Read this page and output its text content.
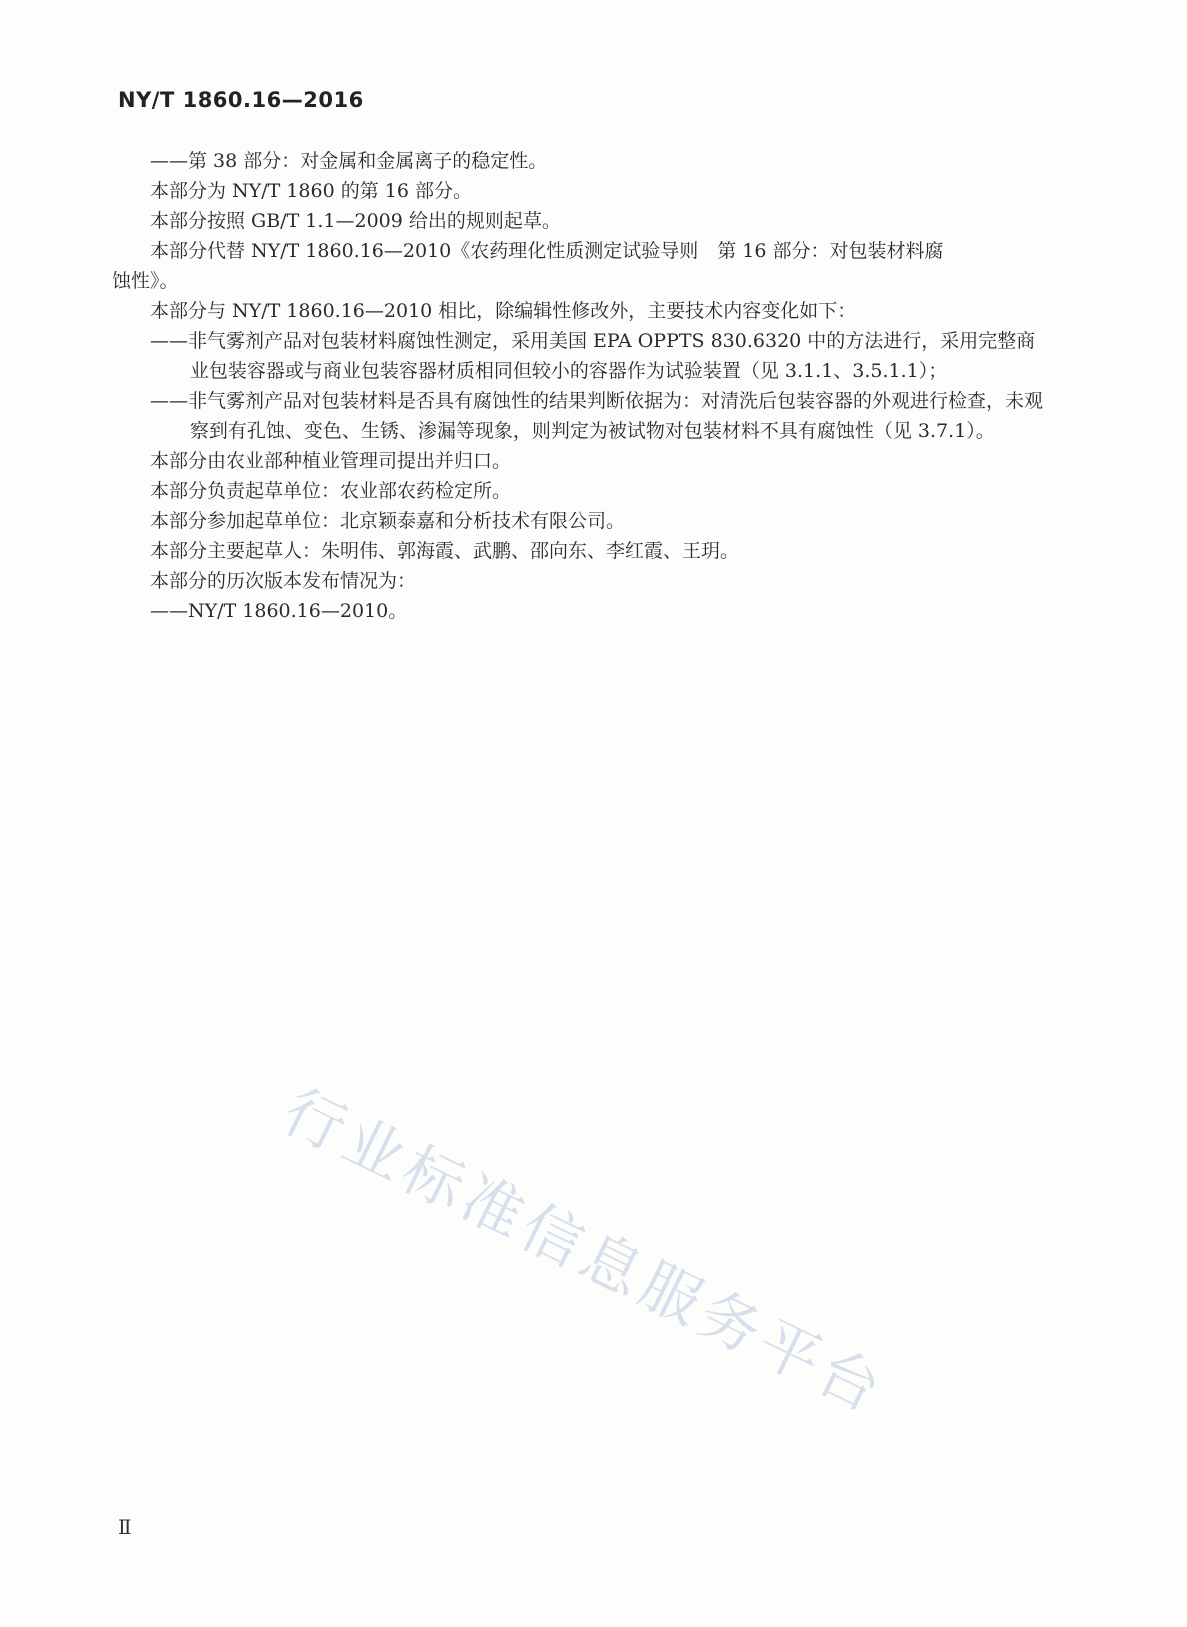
NY/T 1860.16—2016

——第 38 部分：对金属和金属离子的稳定性。

本部分为 NY/T 1860 的第 16 部分。

本部分按照 GB/T 1.1—2009 给出的规则起草。

本部分代替 NY/T 1860.16—2010《农药理化性质测定试验导则　第 16 部分：对包装材料腐

蚀性》。

本部分与 NY/T 1860.16—2010 相比，除编辑性修改外，主要技术内容变化如下：

——非气雾剂产品对包装材料腐蚀性测定，采用美国 EPA OPPTS 830.6320 中的方法进行，采用完整商业包装容器或与商业包装容器材质相同但较小的容器作为试验装置（见 3.1.1、3.5.1.1）；

——非气雾剂产品对包装材料是否具有腐蚀性的结果判断依据为：对清洗后包装容器的外观进行检查，未观察到有孔蚀、变色、生锈、渗漏等现象，则判定为被试物对包装材料不具有腐蚀性（见 3.7.1）。

本部分由农业部种植业管理司提出并归口。

本部分负责起草单位：农业部农药检定所。

本部分参加起草单位：北京颖泰嘉和分析技术有限公司。

本部分主要起草人：朱明伟、郭海霞、武鹏、邵向东、李红霞、王玥。

本部分的历次版本发布情况为：

——NY/T 1860.16—2010。

行业标准信息服务平台
Ⅱ
